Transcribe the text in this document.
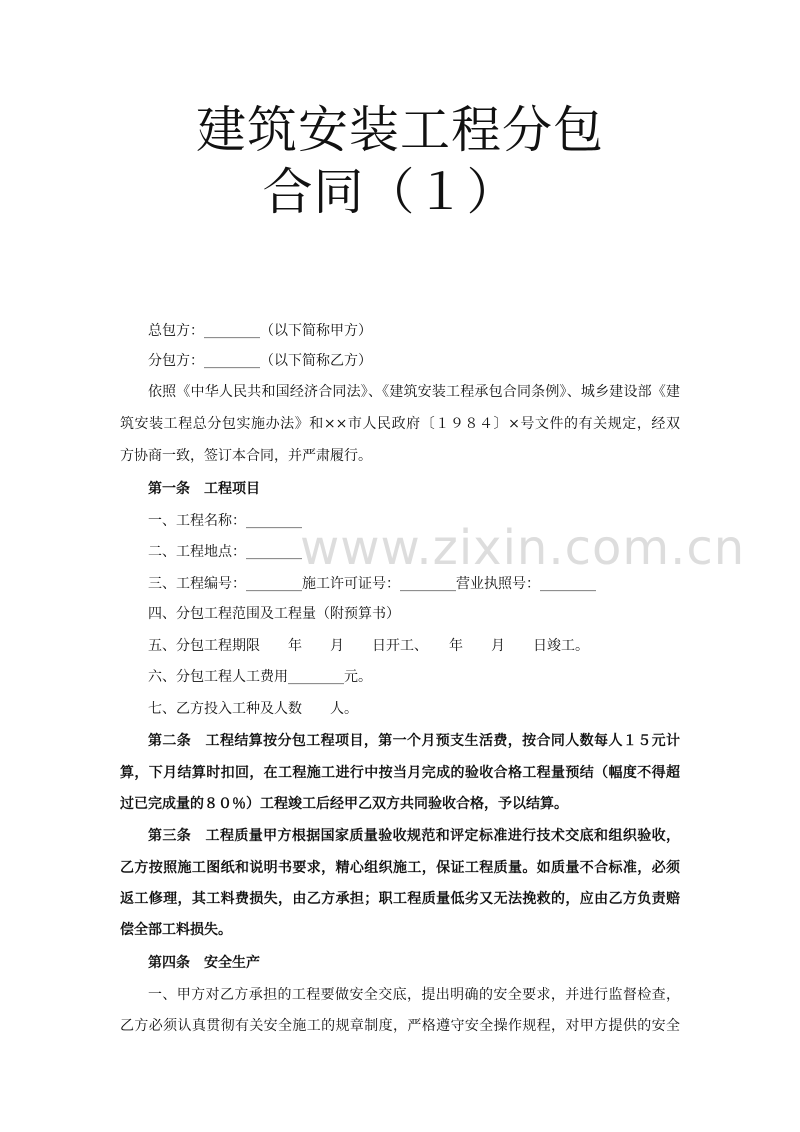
建筑安装工程分包
合同（１）
www.zixin.com.cn
总包方：________（以下简称甲方）
分包方：________（以下简称乙方）
依照《中华人民共和国经济合同法》、《建筑安装工程承包合同条例》、城乡建设部《建
筑安装工程总分包实施办法》和××市人民政府〔１９８４〕×号文件的有关规定，经双
方协商一致，签订本合同，并严肃履行。
第一条　工程项目
一、工程名称：________
二、工程地点：________
三、工程编号：________施工许可证号：________营业执照号：________
四、分包工程范围及工程量（附预算书）
五、分包工程期限　　年　　月　　日开工、　　年　　月　　日竣工。
六、分包工程人工费用________元。
七、乙方投入工种及人数　　人。
第二条　工程结算按分包工程项目，第一个月预支生活费，按合同人数每人１５元计
算，下月结算时扣回，在工程施工进行中按当月完成的验收合格工程量预结（幅度不得超
过已完成量的８０％）工程竣工后经甲乙双方共同验收合格，予以结算。
第三条　工程质量甲方根据国家质量验收规范和评定标准进行技术交底和组织验收，
乙方按照施工图纸和说明书要求，精心组织施工，保证工程质量。如质量不合标准，必须
返工修理，其工料费损失，由乙方承担；职工程质量低劣又无法挽救的，应由乙方负责赔
偿全部工料损失。
第四条　安全生产
一、甲方对乙方承担的工程要做安全交底，提出明确的安全要求，并进行监督检查，
乙方必须认真贯彻有关安全施工的规章制度，严格遵守安全操作规程，对甲方提供的安全
